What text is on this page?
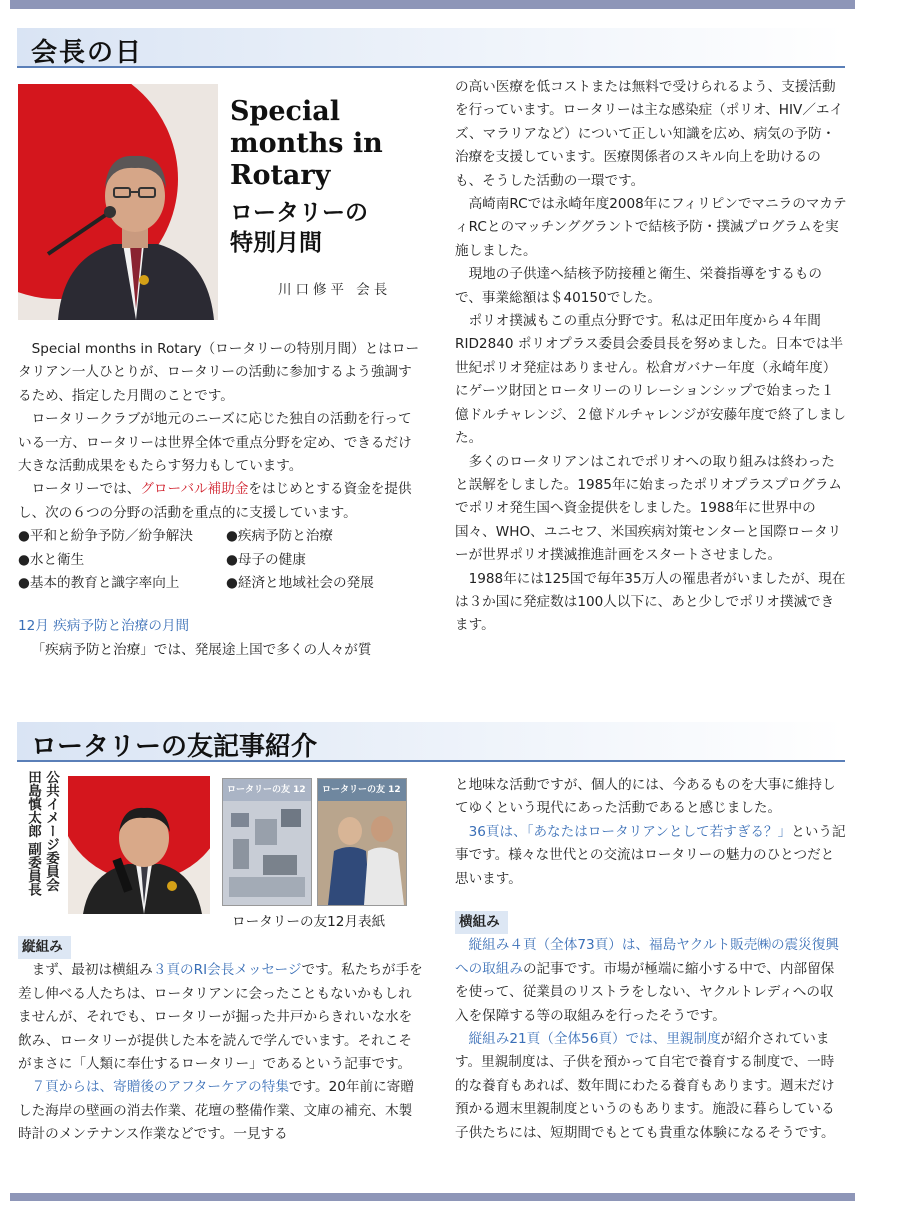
会長の日
Special
months in
Rotary
ロータリーの
特別月間
川口修平 会長

Special months in Rotary（ロータリーの特別月間）とはロータリアン一人ひとりが、ロータリーの活動に参加するよう強調するため、指定した月間のことです。

ロータリークラブが地元のニーズに応じた独自の活動を行っている一方、ロータリーは世界全体で重点分野を定め、できるだけ大きな活動成果をもたらす努力もしています。

ロータリーでは、グローバル補助金をはじめとする資金を提供し、次の６つの分野の活動を重点的に支援しています。

●平和と紛争予防／紛争解決	●疾病予防と治療
●水と衛生	●母子の健康
●基本的教育と識字率向上	●経済と地域社会の発展

12月 疾病予防と治療の月間

「疾病予防と治療」では、発展途上国で多くの人々が質

の高い医療を低コストまたは無料で受けられるよう、支援活動を行っています。ロータリーは主な感染症（ポリオ、HIV／エイズ、マラリアなど）について正しい知識を広め、病気の予防・治療を支援しています。医療関係者のスキル向上を助けるのも、そうした活動の一環です。

高崎南RCでは永崎年度2008年にフィリピンでマニラのマカティRCとのマッチンググラントで結核予防・撲滅プログラムを実施しました。

現地の子供達へ結核予防接種と衛生、栄養指導をするもので、事業総額は＄40150でした。

ポリオ撲滅もこの重点分野です。私は疋田年度から４年間RID2840 ポリオプラス委員会委員長を努めました。日本では半世紀ポリオ発症はありません。松倉ガバナー年度（永崎年度）にゲーツ財団とロータリーのリレーションシップで始まった１億ドルチャレンジ、２億ドルチャレンジが安藤年度で終了しました。

多くのロータリアンはこれでポリオへの取り組みは終わったと誤解をしました。1985年に始まったポリオプラスプログラムでポリオ発生国へ資金提供をしました。1988年に世界中の国々、WHO、ユニセフ、米国疾病対策センターと国際ロータリーが世界ポリオ撲滅推進計画をスタートさせました。

1988年には125国で毎年35万人の罹患者がいましたが、現在は３か国に発症数は100人以下に、あと少しでポリオ撲滅できます。

ロータリーの友記事紹介
公共イメージ委員会
田島慎太郎 副委員長	ロータリーの友 12 ロータリーの友 12
ロータリーの友12月表紙
縦組み

まず、最初は横組み３頁のRI会長メッセージです。私たちが手を差し伸べる人たちは、ロータリアンに会ったこともないかもしれませんが、それでも、ロータリーが掘った井戸からきれいな水を飲み、ロータリーが提供した本を読んで学んでいます。それこそがまさに「人類に奉仕するロータリー」であるという記事です。

７頁からは、寄贈後のアフターケアの特集です。20年前に寄贈した海岸の壁画の消去作業、花壇の整備作業、文庫の補充、木製時計のメンテナンス作業などです。一見する

と地味な活動ですが、個人的には、今あるものを大事に維持してゆくという現代にあった活動であると感じました。

36頁は、「あなたはロータリアンとして若すぎる？」という記事です。様々な世代との交流はロータリーの魅力のひとつだと思います。

横組み

縦組み４頁（全体73頁）は、福島ヤクルト販売㈱の震災復興への取組みの記事です。市場が極端に縮小する中で、内部留保を使って、従業員のリストラをしない、ヤクルトレディへの収入を保障する等の取組みを行ったそうです。

縦組み21頁（全体56頁）では、里親制度が紹介されています。里親制度は、子供を預かって自宅で養育する制度で、一時的な養育もあれば、数年間にわたる養育もあります。週末だけ預かる週末里親制度というのもあります。施設に暮らしている子供たちには、短期間でもとても貴重な体験になるそうです。
